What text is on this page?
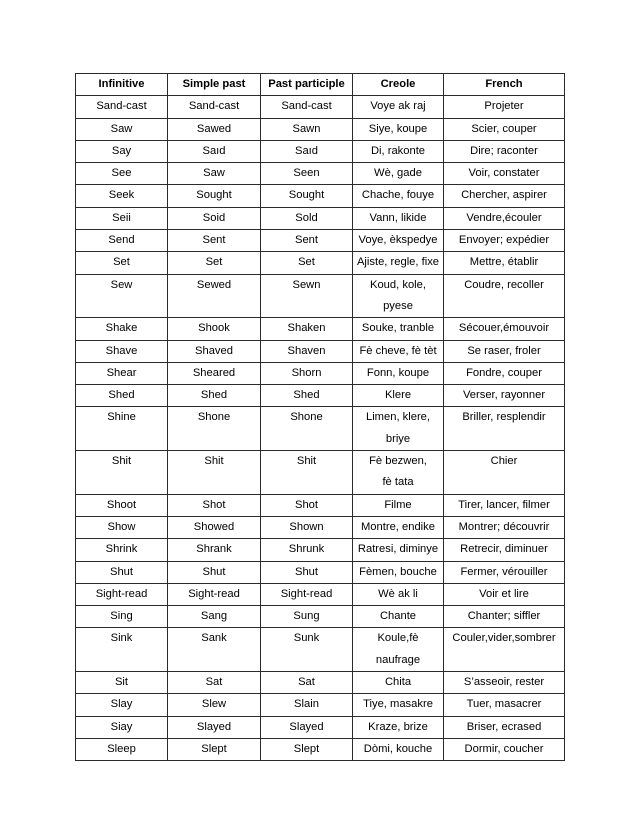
Infinitive	Simple past	Past participle	Creole	French

Sand-cast	Sand-cast	Sand-cast	Voye ak raj	Projeter

Saw	Sawed	Sawn	Siye, koupe	Scier, couper

Say	Saıd	Saıd	Di, rakonte	Dire; raconter

See	Saw	Seen	Wè, gade	Voir, constater

Seek	Sought	Sought	Chache, fouye	Chercher, aspirer

Seii	Soid	Sold	Vann, likide	Vendre,écouler

Send	Sent	Sent	Voye, èkspedye	Envoyer; expédier

Set	Set	Set	Ajiste, regle, fixe	Mettre, établir

Sew	Sewed	Sewn	Koud, kole, pyese	Coudre, recoller

Shake	Shook	Shaken	Souke, tranble	Sécouer,émouvoir

Shave	Shaved	Shaven	Fè cheve, fè tèt	Se raser, froler

Shear	Sheared	Shorn	Fonn, koupe	Fondre, couper

Shed	Shed	Shed	Klere	Verser, rayonner

Shine	Shone	Shone	Limen, klere, briye	Briller, resplendir

Shit	Shit	Shit	Fè bezwen, fè tata	Chier

Shoot	Shot	Shot	Filme	Tirer, lancer, filmer

Show	Showed	Shown	Montre, endike	Montrer; découvrir

Shrink	Shrank	Shrunk	Ratresi, diminye	Retrecir, diminuer

Shut	Shut	Shut	Fèmen, bouche	Fermer, vérouiller

Sight-read	Sight-read	Sight-read	Wè ak li	Voir et lire

Sing	Sang	Sung	Chante	Chanter; siffler

Sink	Sank	Sunk	Koule,fè naufrage	Couler,vider,sombrer

Sit	Sat	Sat	Chita	S’asseoir, rester

Slay	Slew	Slain	Tiye, masakre	Tuer, masacrer

Siay	Slayed	Slayed	Kraze, brize	Briser, ecrased

Sleep	Slept	Slept	Dòmi, kouche	Dormir, coucher
